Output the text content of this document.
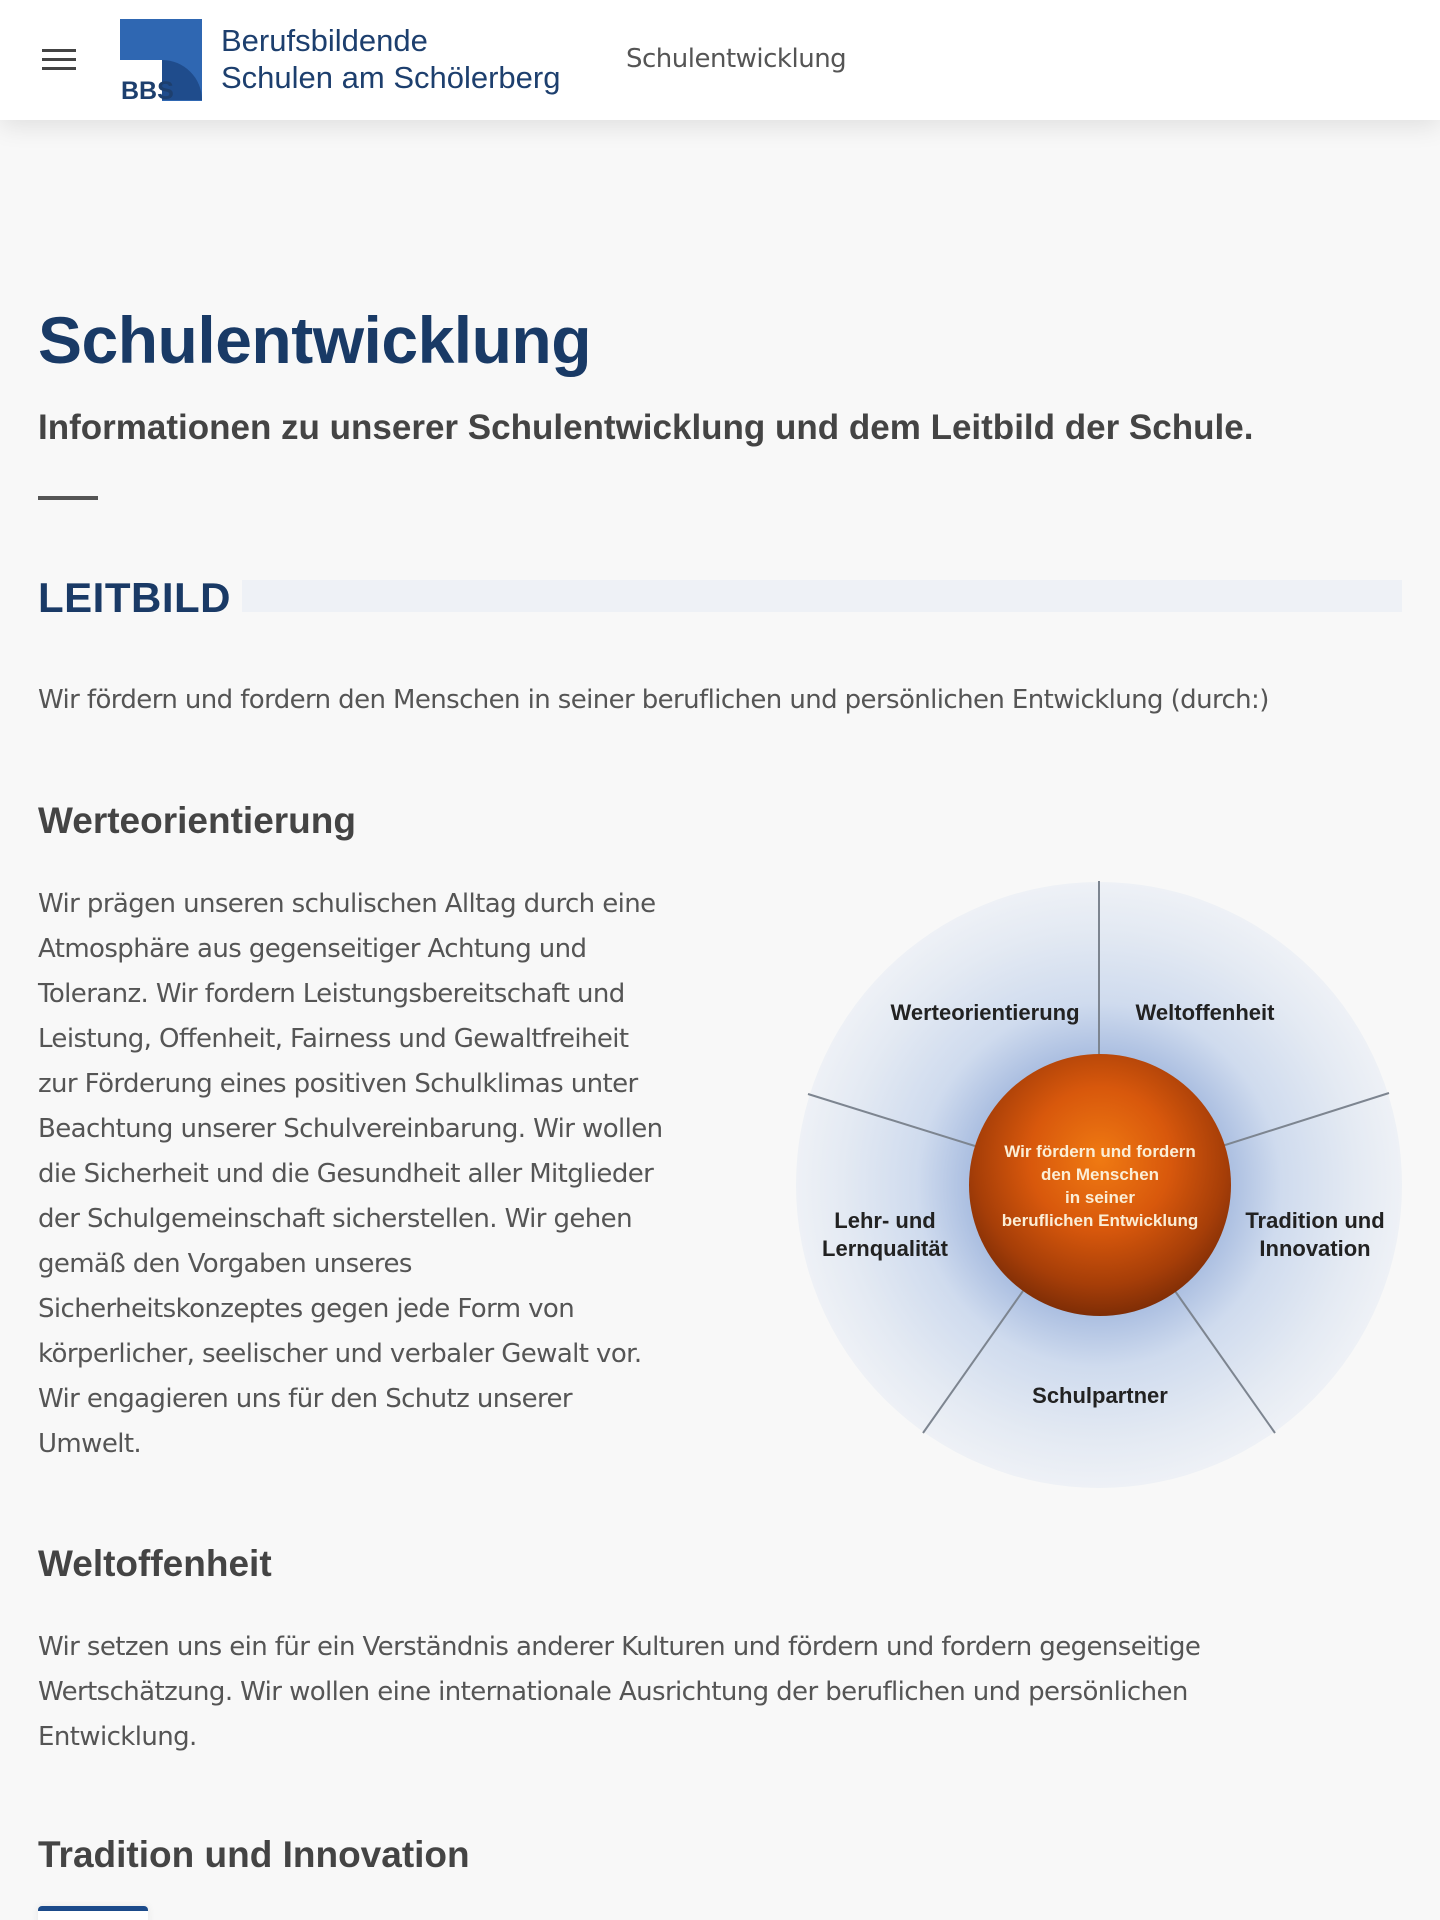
BBS
Berufsbildende
Schulen am Schölerberg
Schulentwicklung
Schulentwicklung
Informationen zu unserer Schulentwicklung und dem Leitbild der Schule.
LEITBILD

Wir fördern und fordern den Menschen in seiner beruflichen und persönlichen Entwicklung (durch:)

Werteorientierung
Wir prägen unseren schulischen Alltag durch eine
Atmosphäre aus gegenseitiger Achtung und
Toleranz. Wir fordern Leistungsbereitschaft und
Leistung, Offenheit, Fairness und Gewaltfreiheit
zur Förderung eines positiven Schulklimas unter
Beachtung unserer Schulvereinbarung. Wir wollen
die Sicherheit und die Gesundheit aller Mitglieder
der Schulgemeinschaft sicherstellen. Wir gehen
gemäß den Vorgaben unseres
Sicherheitskonzeptes gegen jede Form von
körperlicher, seelischer und verbaler Gewalt vor.
Wir engagieren uns für den Schutz unserer
Umwelt.
Wir fördern und fordern
den Menschen
in seiner
beruflichen Entwicklung
Werteorientierung	Weltoffenheit
Tradition und
Innovation
Schulpartner
Lehr- und
Lernqualität
Weltoffenheit
Wir setzen uns ein für ein Verständnis anderer Kulturen und fördern und fordern gegenseitige
Wertschätzung. Wir wollen eine internationale Ausrichtung der beruflichen und persönlichen
Entwicklung.
Tradition und Innovation
